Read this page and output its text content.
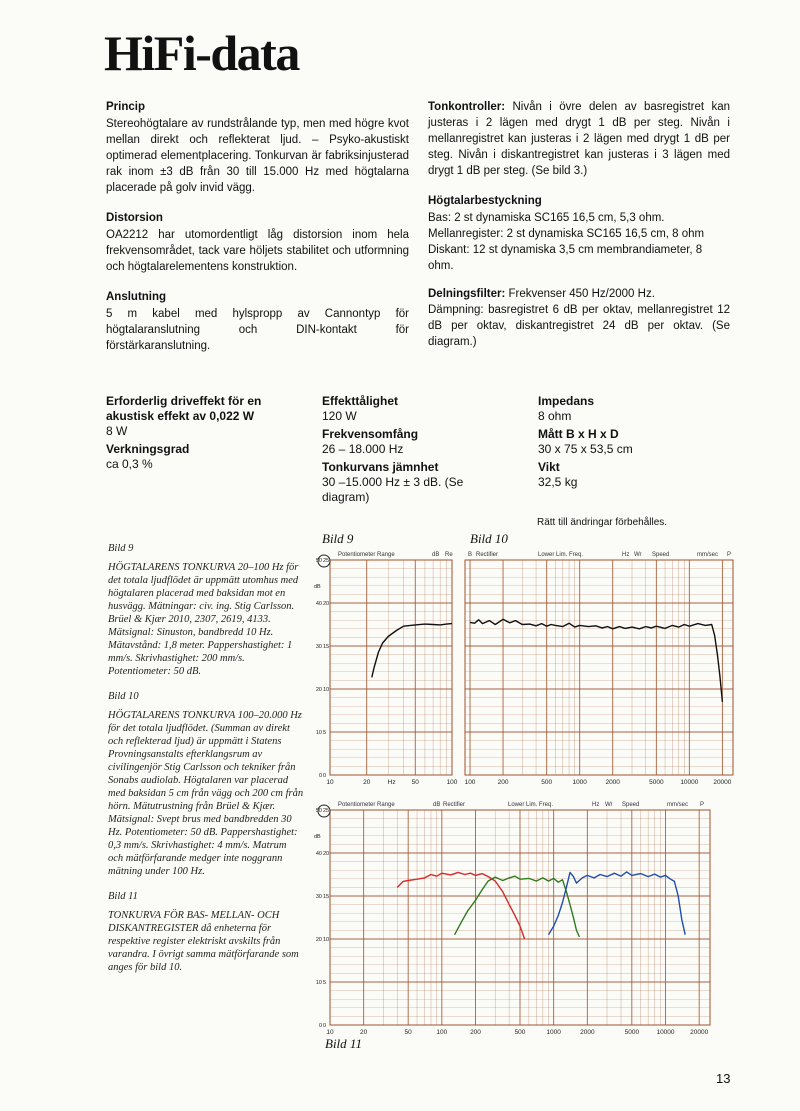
HiFi-data
Princip

Stereohögtalare av rundstrålande typ, men med högre kvot mellan direkt och reflekterat ljud. – Psyko-akustiskt optimerad elementplacering. Tonkurvan är fabriksinjusterad rak inom ±3 dB från 30 till 15.000 Hz med högtalarna placerade på golv invid vägg.

Distorsion

OA2212 har utomordentligt låg distorsion inom hela frekvensområdet, tack vare höljets stabilitet och utformning och högtalarelementens konstruktion.

Anslutning

5 m kabel med hylspropp av Cannontyp för högtalaranslutning och DIN-kontakt för förstärkaranslutning.

Tonkontroller: Nivån i övre delen av basregistret kan justeras i 2 lägen med drygt 1 dB per steg. Nivån i mellanregistret kan justeras i 2 lägen med drygt 1 dB per steg. Nivån i diskantregistret kan justeras i 3 lägen med drygt 1 dB per steg. (Se bild 3.)

Högtalarbestyckning

Bas: 2 st dynamiska SC165 16,5 cm, 5,3 ohm.

Mellanregister: 2 st dynamiska SC165 16,5 cm, 8 ohm

Diskant: 12 st dynamiska 3,5 cm membrandiameter, 8 ohm.

Delningsfilter: Frekvenser 450 Hz/2000 Hz.

Dämpning: basregistret 6 dB per oktav, mellanregistret 12 dB per oktav, diskantregistret 24 dB per oktav. (Se diagram.)

Erforderlig driveffekt för en akustisk effekt av 0,022 W

8 W

Verkningsgrad

ca 0,3 %

Effekttålighet

120 W

Frekvensomfång

26 – 18.000 Hz

Tonkurvans jämnhet

30 –15.000 Hz ± 3 dB. (Se diagram)

Impedans

8 ohm

Mått B x H x D

30 x 75 x 53,5 cm

Vikt

32,5 kg

Rätt till ändringar förbehålles.

Bild 9

HÖGTALARENS TONKURVA 20–100 Hz för det totala ljudflödet är uppmätt utomhus med högtalaren placerad med baksidan mot en husvägg. Mätningar: civ. ing. Stig Carlsson. Brüel & Kjær 2010, 2307, 2619, 4133. Mätsignal: Sinuston, bandbredd 10 Hz. Mätavstånd: 1,8 meter. Pappershastighet: 1 mm/s. Skrivhastighet: 200 mm/s. Potentiometer: 50 dB.

Bild 10

HÖGTALARENS TONKURVA 100–20.000 Hz för det totala ljudflödet. (Summan av direkt och reflekterad ljud) är uppmätt i Statens Provningsanstalts efterklangsrum av civilingenjör Stig Carlsson och tekniker från Sonabs audiolab. Högtalaren var placerad med baksidan 5 cm från vägg och 200 cm från hörn. Mätutrustning från Brüel & Kjær. Mätsignal: Svept brus med bandbredden 30 Hz. Potentiometer: 50 dB. Pappershastighet: 0,3 mm/s. Skrivhastighet: 4 mm/s. Matrum och mätförfarande medger inte noggrann mätning under 100 Hz.

Bild 11

TONKURVA FÖR BAS- MELLAN- OCH DISKANTREGISTER då enheterna för respektive register elektriskt avskilts från varandra. I övrigt samma mätförfarande som anges för bild 10.

Bild 9	Bild 10
Bild 11
10	20	Hz 50	100
0
10
20
30
40
50
0
5
10
15
20
25
dB
100	200	500	1000	2000	5000	10000 20000
10	20	50	100	200	500	1000	2000	5000	10000 20000
0
10
20
30
40
50
0
5
10
15
20
25
dB
Potentiometer Range	dB Re	B Rectifier	Lower Lim. Freq.	Hz Wr Speed	mm/sec P
Potentiometer Range	dB Rectifier	Lower Lim. Freq.	Hz Wr Speed	mm/sec P
13
